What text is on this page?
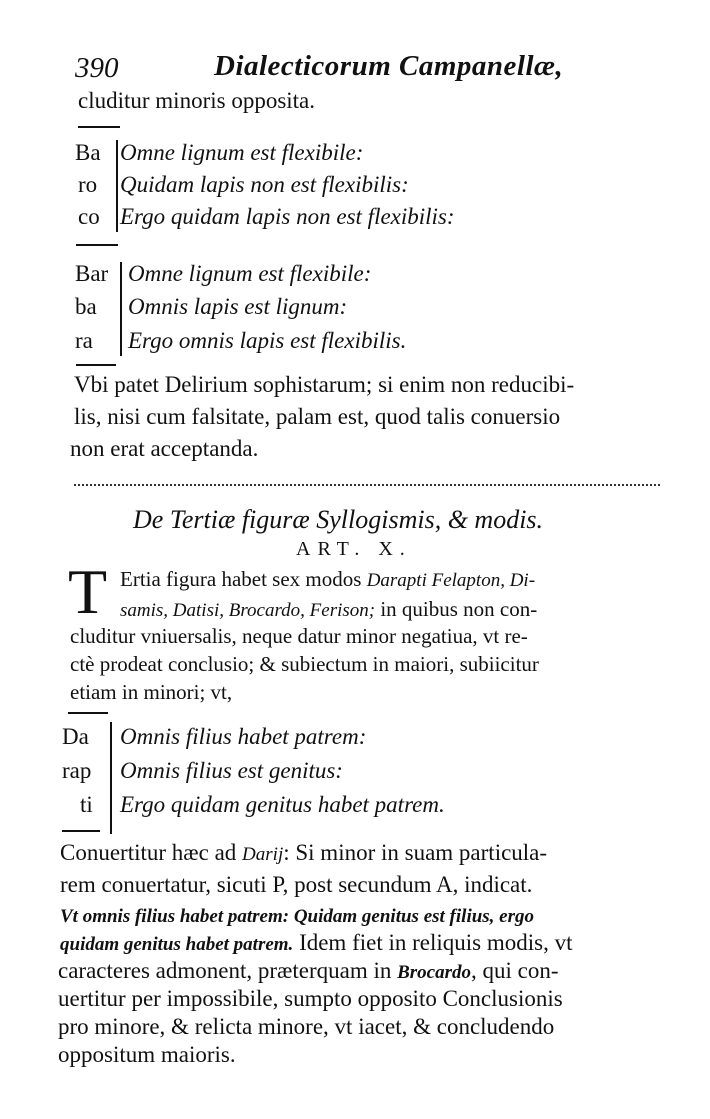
390	Dialecticorum Campanellæ,
cluditur minoris opposita.
Ba
ro
co
Omne lignum est flexibile:
Quidam lapis non est flexibilis:
Ergo quidam lapis non est flexibilis:
Bar
ba
ra
Omne lignum est flexibile:
Omnis lapis est lignum:
Ergo omnis lapis est flexibilis.
Vbi patet Delirium sophistarum; si enim non reducibi-
lis, nisi cum falsitate, palam est, quod talis conuersio
non erat acceptanda.
De Tertiæ figuræ Syllogismis, & modis.
ART. X.
T Ertia figura habet sex modos Darapti Felapton, Di-
samis, Datisi, Brocardo, Ferison; in quibus non con-
cluditur vniuersalis, neque datur minor negatiua, vt re-
ctè prodeat conclusio; & subiectum in maiori, subiicitur
etiam in minori; vt,
Da
rap
ti
Omnis filius habet patrem:
Omnis filius est genitus:
Ergo quidam genitus habet patrem.
Conuertitur hæc ad Darij: Si minor in suam particula-
rem conuertatur, sicuti P, post secundum A, indicat.
Vt omnis filius habet patrem: Quidam genitus est filius, ergo
quidam genitus habet patrem. Idem fiet in reliquis modis, vt
caracteres admonent, præterquam in Brocardo, qui con-
uertitur per impossibile, sumpto opposito Conclusionis
pro minore, & relicta minore, vt iacet, & concludendo
oppositum maioris.
